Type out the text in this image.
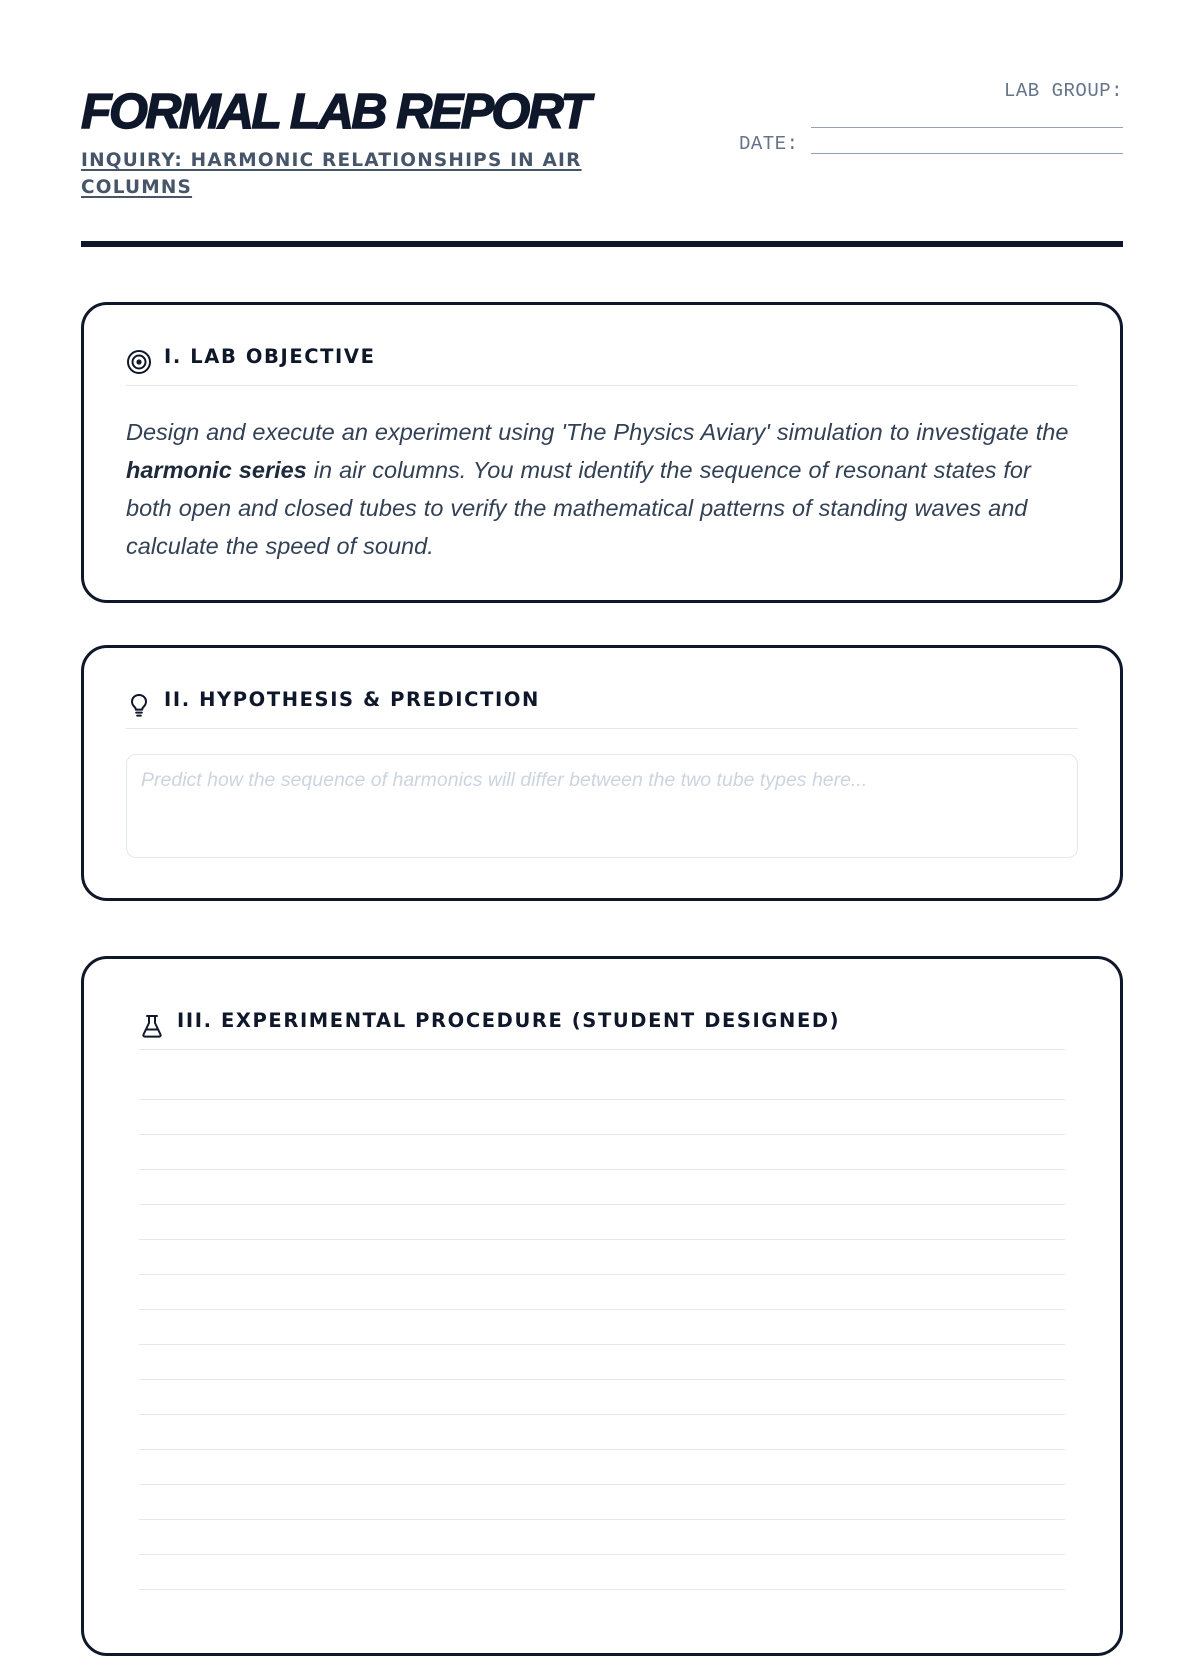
FORMAL LAB REPORT

INQUIRY: HARMONIC RELATIONSHIPS IN AIR COLUMNS

LAB GROUP:
DATE:
I. LAB OBJECTIVE

Design and execute an experiment using 'The Physics Aviary' simulation to investigate the harmonic series in air columns. You must identify the sequence of resonant states for both open and closed tubes to verify the mathematical patterns of standing waves and calculate the speed of sound.

II. HYPOTHESIS & PREDICTION
Predict how the sequence of harmonics will differ between the two tube types here...
III. EXPERIMENTAL PROCEDURE (STUDENT DESIGNED)
